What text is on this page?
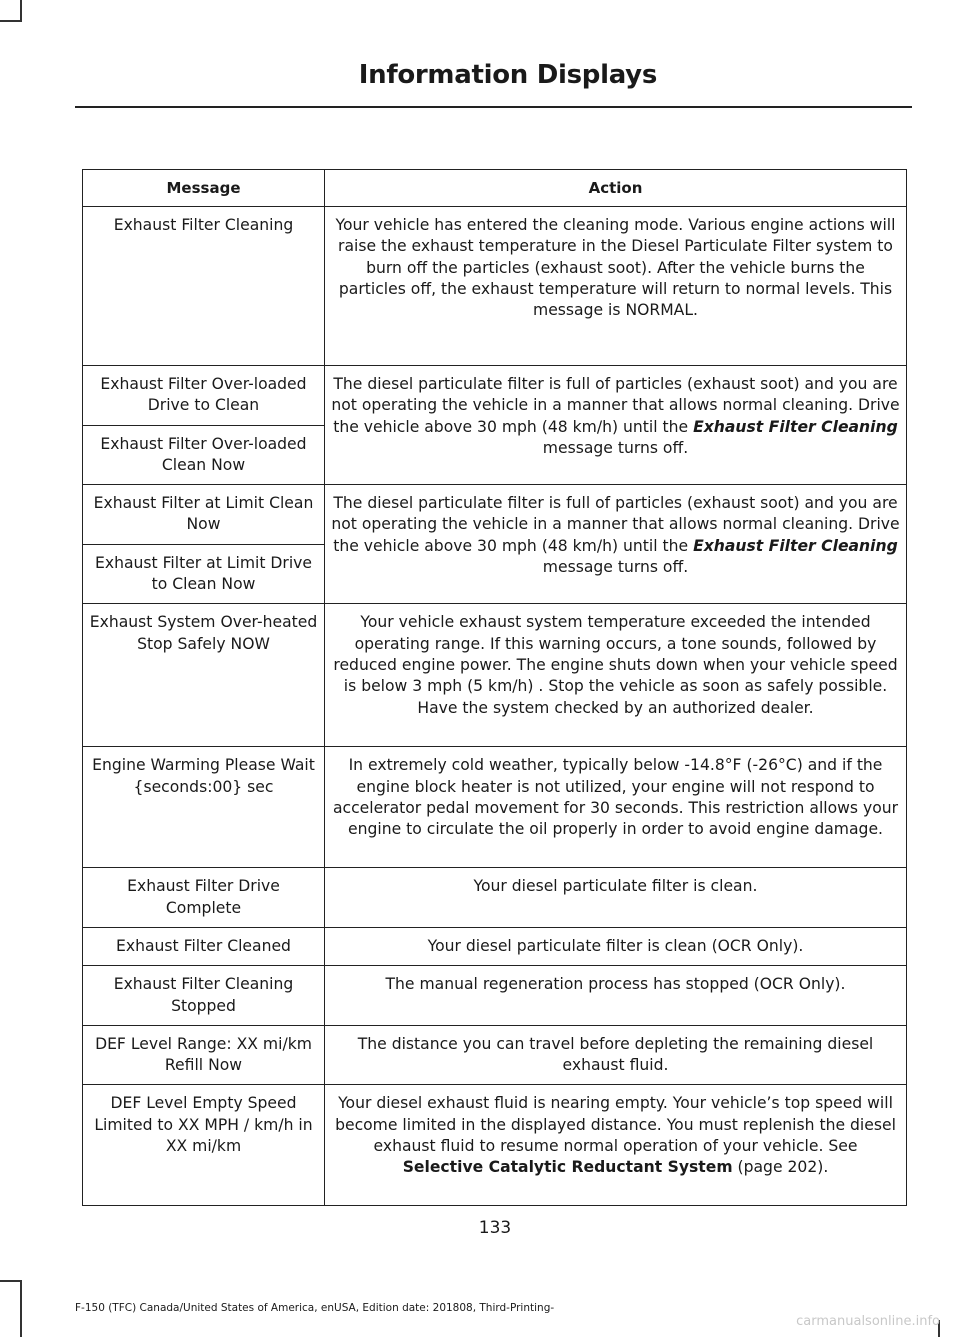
Information Displays
Message	Action
Exhaust Filter Cleaning	Your vehicle has entered the cleaning mode. Various engine actions will raise the exhaust temperature in the Diesel Particulate Filter system to burn off the particles (exhaust soot). After the vehicle burns the particles off, the exhaust temperature will return to normal levels. This message is NORMAL.
Exhaust Filter Over-loaded Drive to Clean	The diesel particulate filter is full of particles (exhaust soot) and you are not operating the vehicle in a manner that allows normal cleaning. Drive the vehicle above 30 mph (48 km/h) until the Exhaust Filter Cleaning message turns off.
Exhaust Filter Over-loaded Clean Now	
Exhaust Filter at Limit Clean Now	The diesel particulate filter is full of particles (exhaust soot) and you are not operating the vehicle in a manner that allows normal cleaning. Drive the vehicle above 30 mph (48 km/h) until the Exhaust Filter Cleaning message turns off.
Exhaust Filter at Limit Drive to Clean Now	
Exhaust System Over-heated Stop Safely NOW	Your vehicle exhaust system temperature exceeded the intended operating range. If this warning occurs, a tone sounds, followed by reduced engine power. The engine shuts down when your vehicle speed is below 3 mph (5 km/h) . Stop the vehicle as soon as safely possible. Have the system checked by an authorized dealer.
Engine Warming Please Wait {seconds:00} sec	In extremely cold weather, typically below -14.8°F (-26°C) and if the engine block heater is not utilized, your engine will not respond to accelerator pedal movement for 30 seconds. This restriction allows your engine to circulate the oil properly in order to avoid engine damage.
Exhaust Filter Drive Complete	Your diesel particulate filter is clean.
Exhaust Filter Cleaned	Your diesel particulate filter is clean (OCR Only).
Exhaust Filter Cleaning Stopped	The manual regeneration process has stopped (OCR Only).
DEF Level Range: XX mi/km Refill Now	The distance you can travel before depleting the remaining diesel exhaust fluid.
DEF Level Empty Speed Limited to XX MPH / km/h in XX mi/km	Your diesel exhaust fluid is nearing empty. Your vehicle’s top speed will become limited in the displayed distance. You must replenish the diesel exhaust fluid to resume normal operation of your vehicle. See Selective Catalytic Reductant System (page 202).
133
F-150 (TFC) Canada/United States of America, enUSA, Edition date: 201808, Third-Printing-
carmanualsonline.info
